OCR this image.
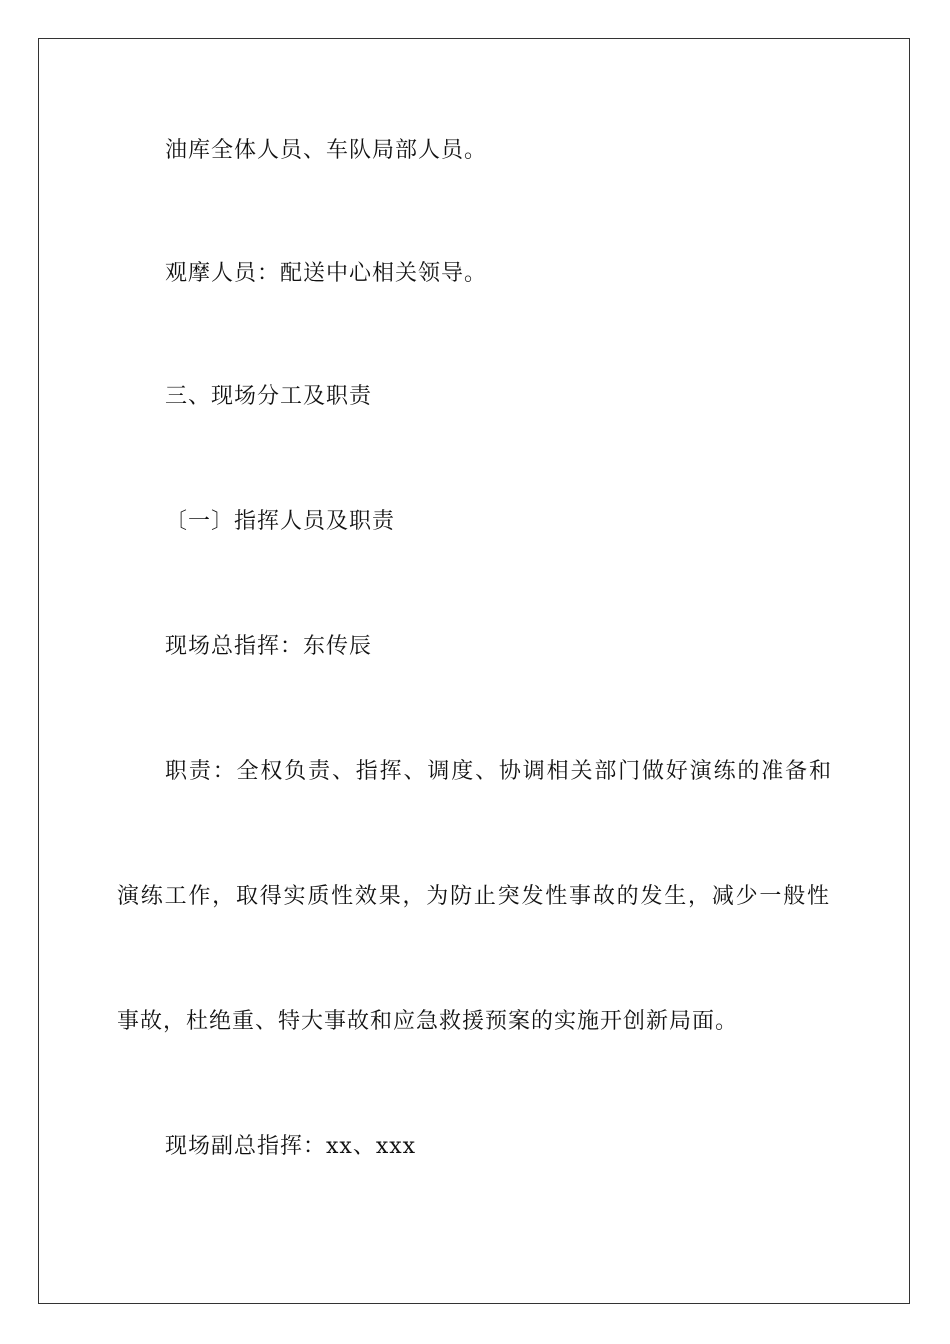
油库全体人员、车队局部人员。
观摩人员：配送中心相关领导。
三、现场分工及职责
〔一〕指挥人员及职责
现场总指挥：东传辰
职责：全权负责、指挥、调度、协调相关部门做好演练的准备和
演练工作，取得实质性效果，为防止突发性事故的发生，减少一般性
事故，杜绝重、特大事故和应急救援预案的实施开创新局面。
现场副总指挥：xx、xxx
